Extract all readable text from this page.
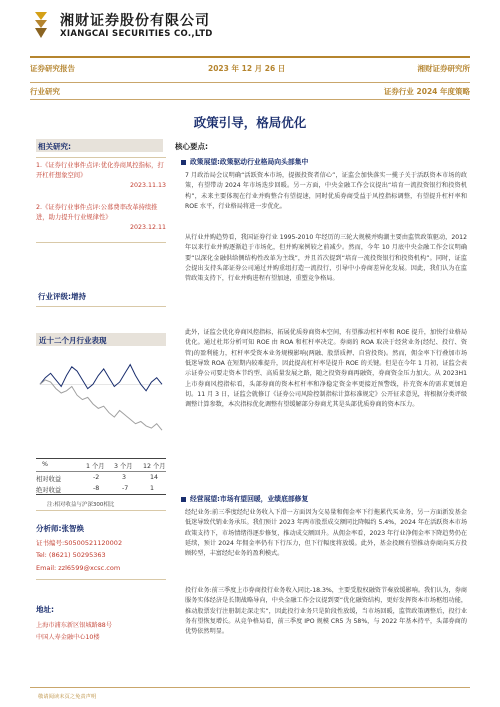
湘财证券股份有限公司
XIANGCAI SECURITIES CO.,LTD
证券研究报告	2023 年 12 月 26 日	湘财证券研究所
行业研究	证券行业 2024 年度策略
政策引导，格局优化
相关研究:
1.《证券行业事件点评:优化券商风控指标，打开杠杆想象空间》
2023.11.13
2.《证券行业事件点评:公募费率改革持续推进，助力提升行业规律性》
2023.12.11
行业评级:增持
近十二个月行业表现
%	1 个月 3 个月 12 个月
相对收益	-2	3	14
绝对收益	-8	-7	1
注:相对收益与沪深300相比
分析师:张智焕
证书编号:S0500521120002
Tel: (8621) 50295363
Email: zzl6599@xcsc.com
地址:
上海市浦东新区银城路88号
中国人寿金融中心10楼
核心要点:
政策展望:政策驱动行业格局向头部集中
7 月政治局会议明确“活跃资本市场，提振投资者信心”，证监会加快落实一揽子关于活跃资本市场的政策，有望带动 2024 年市场迭步回暖。另一方面，中央金融工作会议提出“培育一流投资银行和投资机构”，未来主要体现在行业并购整合有望提速，同时优质券商受益于风控指标调整，有望提升杠杆率和 ROE 水平，行业格局将进一步优化。
从行业并购趋势看，我国证券行业 1995-2010 年经历的三轮大规模并购潮主要由监管政策驱动，2012 年以来行业并购逐渐趋于市场化，但并购案例较之前减少。然而，今年 10 月底中央金融工作会议明确要“以深化金融供给侧结构性改革为主线”，并且首次提到“培育一流投资银行和投资机构”。同时，证监会提出支持头部证券公司通过并购重组打造一流投行，引导中小券商差异化发展。因此，我们认为在监管政策支持下，行业并购进程有望加速，重塑竞争格局。
此外，证监会优化券商风控指标，拓展优质券商资本空间，有望推动杠杆率和 ROE 提升，加快行业格局优化。通过杜邦分析可知 ROE 由 ROA 和杠杆率决定。券商的 ROA 取决于经营业务(经纪、投行、资管)的盈利能力，杠杆率受资本业务规模影响(两融、股票质押、自营投资)。然而，佣金率下行叠加市场低迷导致 ROA 在短期内较难提升，因此提高杠杆率是提升 ROE 的关键。但是在今年 1 月初，证监会表示证券公司要走资本节约型、高质量发展之路，随之投资券商再融资，券商资金压力加大。从 2023H1 上市券商风控指标看，头部券商的资本杠杆率和净稳定资金率更接近预警线，扑充资本的需求更加迫切。11 月 3 日，证监会就修订《证券公司风险控制指标计算标准规定》公开征求意见，将根据分类评级调整计算参数，本次指标优化调整有望缓解部分券商尤其是头部优质券商的资本压力。
经营展望:市场有望回暖，业绩底部修复
经纪业务:前三季度经纪业务收入下滑一方面因为交易量和佣金率下行拖累代买业务，另一方面新发基金低迷导致代销业务承压。我们预计 2023 年两市股票成交额同比降幅约 5.4%，2024 年在活跃资本市场政策支持下，市场情绪得逐步修复，推动成交额回升。从佣金率看，2023 年行业净佣金率下降趋势仍在延续，预计 2024 年佣金率仍有下行压力，但下行幅度将放缓。此外，基金投顾有望推动券商向买方投顾转型，丰富经纪业务的盈利模式。
投行业务:前三季度上市券商投行业务收入同比-18.3%，主要受股权融资节奏放缓影响。我们认为，券商服务实体经济是长期战略导向，中央金融工作会议提到要“优化融资结构，更好发挥资本市场枢纽功能，推动股票发行注册制走深走实”，因此投行业务只是阶段性放缓，当市场回暖，监管政策调整后，投行业务有望恢复增长。从竞争格局看，前三季度 IPO 规模 CR5 为 58%，与 2022 年基本持平，头部券商的优势依然明显。
敬请阅读末页之免责声明
